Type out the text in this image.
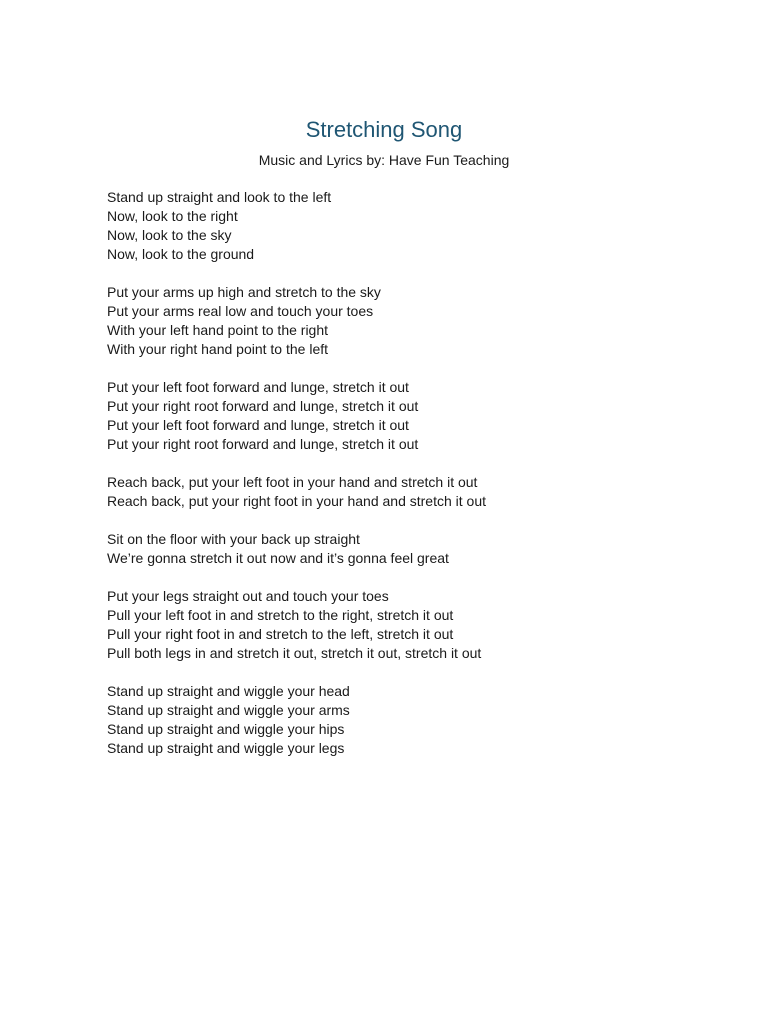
Stretching Song

Music and Lyrics by: Have Fun Teaching

Stand up straight and look to the left
Now, look to the right
Now, look to the sky
Now, look to the ground
Put your arms up high and stretch to the sky
Put your arms real low and touch your toes
With your left hand point to the right
With your right hand point to the left
Put your left foot forward and lunge, stretch it out
Put your right root forward and lunge, stretch it out
Put your left foot forward and lunge, stretch it out
Put your right root forward and lunge, stretch it out
Reach back, put your left foot in your hand and stretch it out
Reach back, put your right foot in your hand and stretch it out
Sit on the floor with your back up straight
We’re gonna stretch it out now and it’s gonna feel great
Put your legs straight out and touch your toes
Pull your left foot in and stretch to the right, stretch it out
Pull your right foot in and stretch to the left, stretch it out
Pull both legs in and stretch it out, stretch it out, stretch it out
Stand up straight and wiggle your head
Stand up straight and wiggle your arms
Stand up straight and wiggle your hips
Stand up straight and wiggle your legs
